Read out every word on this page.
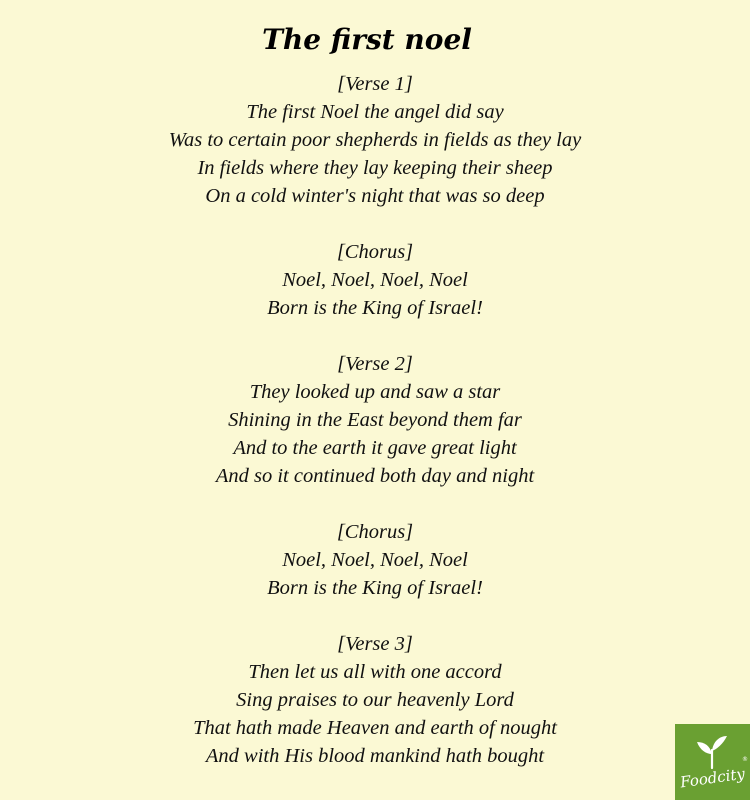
The first noel
[Verse 1]
The first Noel the angel did say
Was to certain poor shepherds in fields as they lay
In fields where they lay keeping their sheep
On a cold winter's night that was so deep
[Chorus]
Noel, Noel, Noel, Noel
Born is the King of Israel!
[Verse 2]
They looked up and saw a star
Shining in the East beyond them far
And to the earth it gave great light
And so it continued both day and night
[Chorus]
Noel, Noel, Noel, Noel
Born is the King of Israel!
[Verse 3]
Then let us all with one accord
Sing praises to our heavenly Lord
That hath made Heaven and earth of nought
And with His blood mankind hath bought	®
Foodcity
